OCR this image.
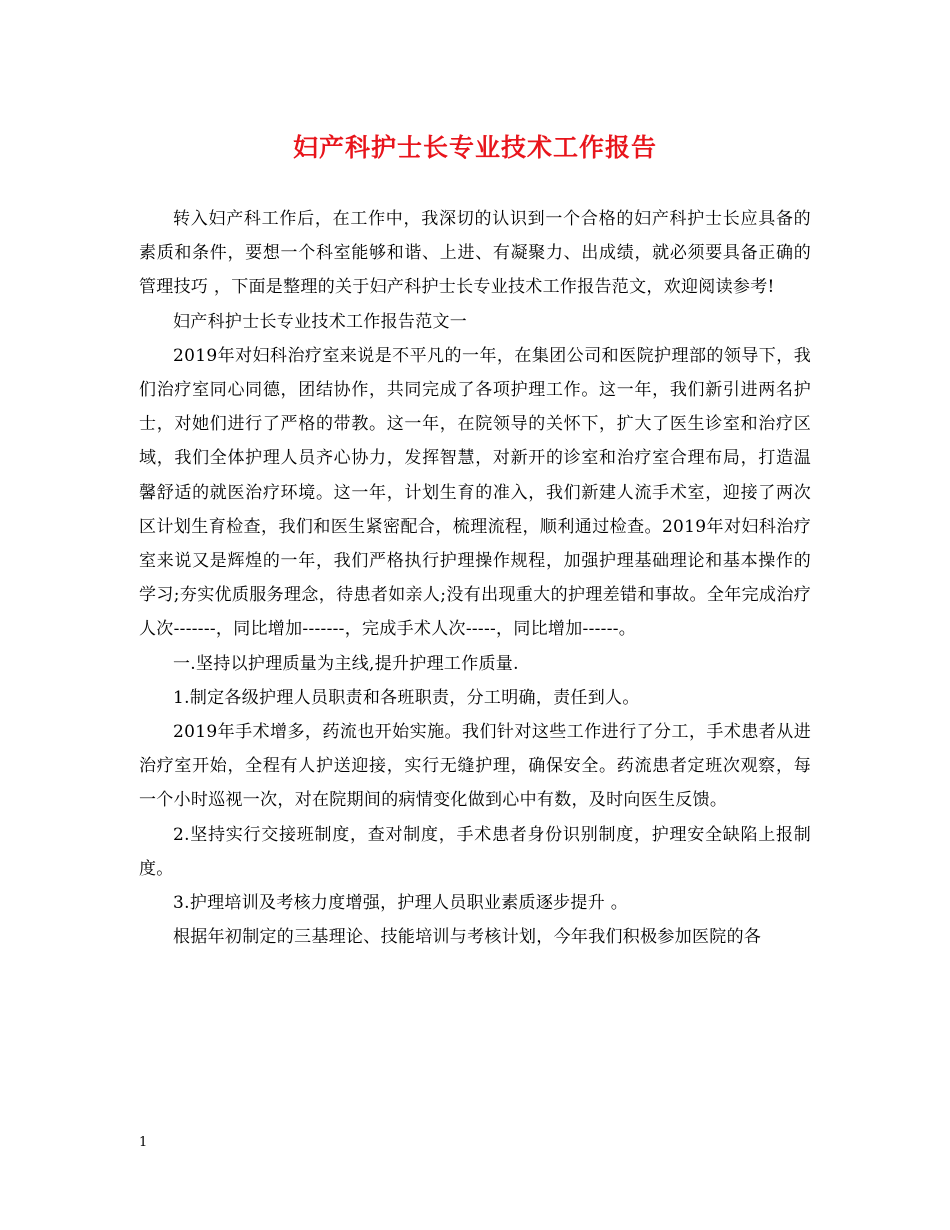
妇产科护士长专业技术工作报告

转入妇产科工作后，在工作中，我深切的认识到一个合格的妇产科护士长应具备的素质和条件，要想一个科室能够和谐、上进、有凝聚力、出成绩，就必须要具备正确的管理技巧 ，下面是整理的关于妇产科护士长专业技术工作报告范文，欢迎阅读参考!

妇产科护士长专业技术工作报告范文一

2019年对妇科治疗室来说是不平凡的一年，在集团公司和医院护理部的领导下，我们治疗室同心同德，团结协作，共同完成了各项护理工作。这一年，我们新引进两名护士，对她们进行了严格的带教。这一年，在院领导的关怀下，扩大了医生诊室和治疗区域，我们全体护理人员齐心协力，发挥智慧，对新开的诊室和治疗室合理布局，打造温馨舒适的就医治疗环境。这一年，计划生育的准入，我们新建人流手术室，迎接了两次区计划生育检查，我们和医生紧密配合，梳理流程，顺利通过检查。2019年对妇科治疗室来说又是辉煌的一年，我们严格执行护理操作规程，加强护理基础理论和基本操作的学习;夯实优质服务理念，待患者如亲人;没有出现重大的护理差错和事故。全年完成治疗人次-------，同比增加-------，完成手术人次-----，同比增加------。

一.坚持以护理质量为主线,提升护理工作质量.

1.制定各级护理人员职责和各班职责，分工明确，责任到人。

2019年手术增多，药流也开始实施。我们针对这些工作进行了分工，手术患者从进治疗室开始，全程有人护送迎接，实行无缝护理，确保安全。药流患者定班次观察，每一个小时巡视一次，对在院期间的病情变化做到心中有数，及时向医生反馈。

2.坚持实行交接班制度，查对制度，手术患者身份识别制度，护理安全缺陷上报制度。

3.护理培训及考核力度增强，护理人员职业素质逐步提升 。

根据年初制定的三基理论、技能培训与考核计划，今年我们积极参加医院的各

1
